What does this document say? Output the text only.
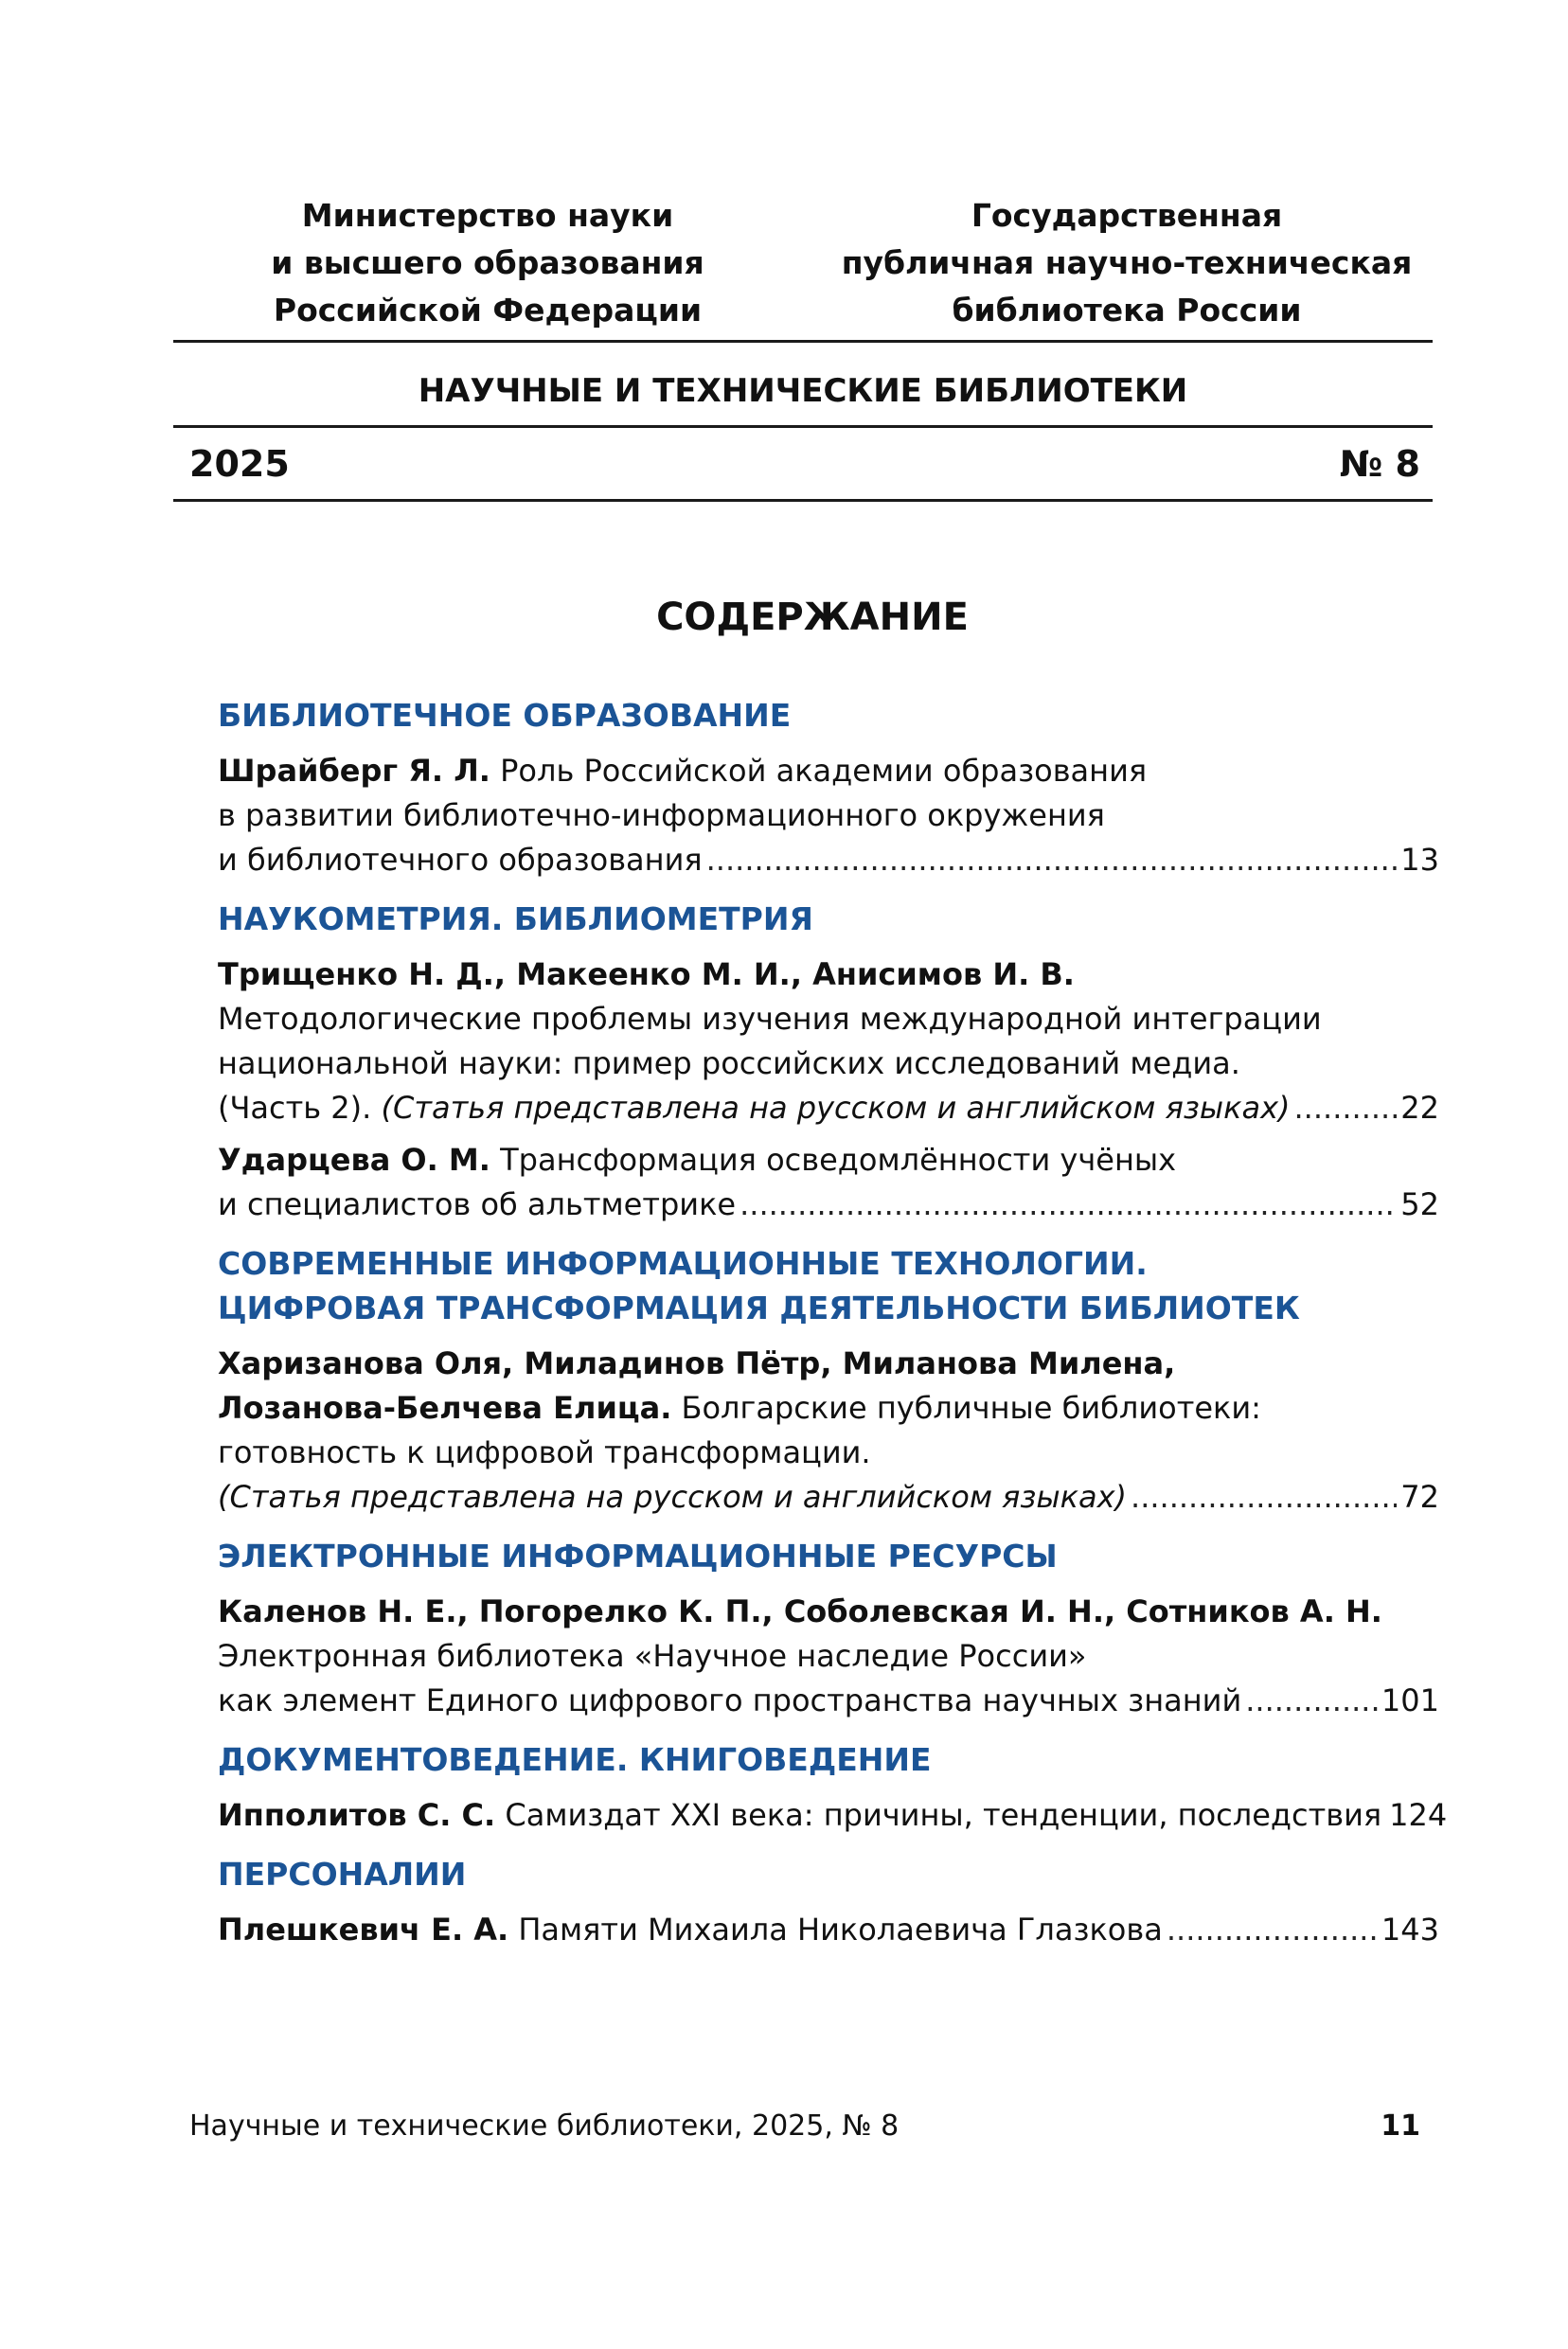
Министерство науки
и высшего образования
Российской Федерации
Государственная
публичная научно-техническая
библиотека России
НАУЧНЫЕ И ТЕХНИЧЕСКИЕ БИБЛИОТЕКИ
2025	№ 8
СОДЕРЖАНИЕ
БИБЛИОТЕЧНОЕ ОБРАЗОВАНИЕ
Шрайберг Я. Л. Роль Российской академии образования
в развитии библиотечно-информационного окружения
и библиотечного образования .....	13
НАУКОМЕТРИЯ. БИБЛИОМЕТРИЯ
Трищенко Н. Д., Макеенко М. И., Анисимов И. В.
Методологические проблемы изучения международной интеграции
национальной науки: пример российских исследований медиа.
(Часть 2). (Статья представлена на русском и английском языках) .....	22
Ударцева О. М. Трансформация осведомлённости учёных
и специалистов об альтметрике .....	52
СОВРЕМЕННЫЕ ИНФОРМАЦИОННЫЕ ТЕХНОЛОГИИ.
ЦИФРОВАЯ ТРАНСФОРМАЦИЯ ДЕЯТЕЛЬНОСТИ БИБЛИОТЕК
Харизанова Оля, Миладинов Пётр, Миланова Милена,
Лозанова-Белчева Елица. Болгарские публичные библиотеки:
готовность к цифровой трансформации.
(Статья представлена на русском и английском языках) .....	72
ЭЛЕКТРОННЫЕ ИНФОРМАЦИОННЫЕ РЕСУРСЫ
Каленов Н. Е., Погорелко К. П., Соболевская И. Н., Сотников А. Н.
Электронная библиотека «Научное наследие России»
как элемент Единого цифрового пространства научных знаний .....	101
ДОКУМЕНТОВЕДЕНИЕ. КНИГОВЕДЕНИЕ
Ипполитов С. С. Самиздат XXI века: причины, тенденции, последствия 124
ПЕРСОНАЛИИ
Плешкевич Е. А. Памяти Михаила Николаевича Глазкова .....	143
Научные и технические библиотеки, 2025, № 8	11
